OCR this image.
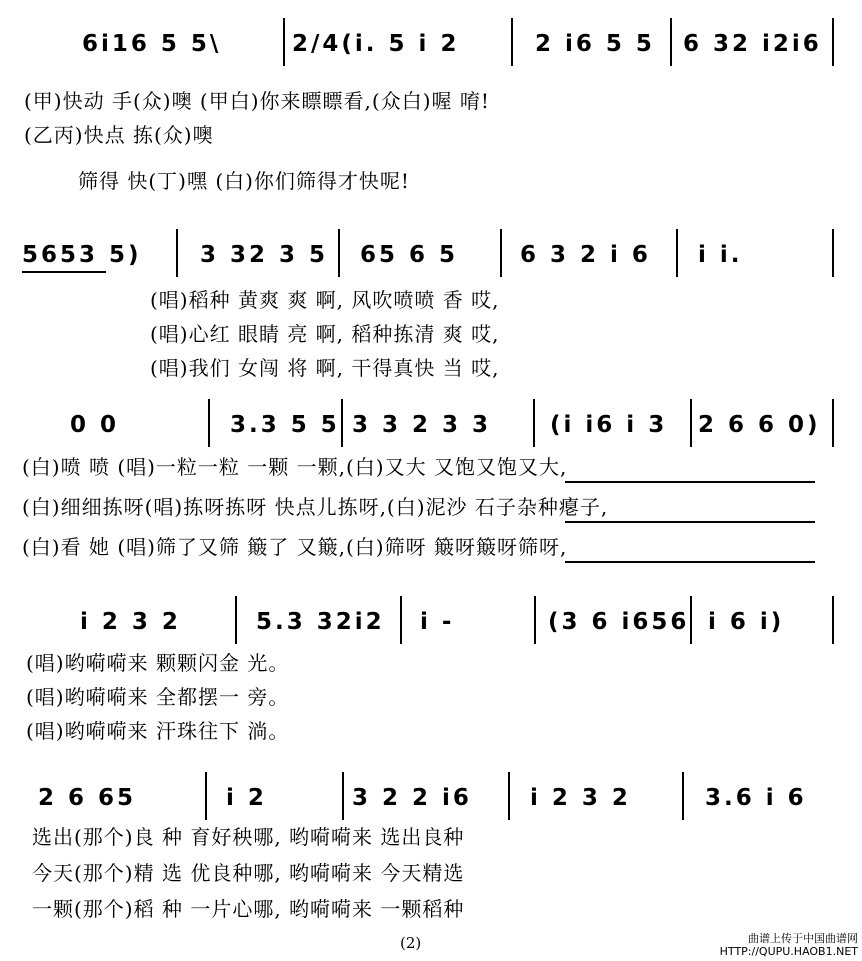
6i16 5 5\	2/4(i. 5 i 2	2 i6 5 5 6 32 i2i6
(甲)快动 手(众)噢 (甲白)你来瞟瞟看,(众白)喔 唷!
(乙丙)快点 拣(众)噢
筛得 快(丁)嘿 (白)你们筛得才快呢!
5653 5)	3 32 3 5 65 6 5	6 3 2 i 6 i i.
(唱)稻种 黄爽 爽 啊, 风吹喷喷 香 哎,
(唱)心红 眼睛 亮 啊, 稻种拣清 爽 哎,
(唱)我们 女闯 将 啊, 干得真快 当 哎,
0 0	3.3 5 5 3 3 2 3 3	(i i6 i 3 2 6 6 0)
(白)喷 喷 (唱)一粒一粒 一颗 一颗,(白)又大 又饱又饱又大,
(白)细细拣呀(唱)拣呀拣呀 快点儿拣呀,(白)泥沙 石子杂种瘪子,
(白)看 她 (唱)筛了又筛 簸了 又簸,(白)筛呀 簸呀簸呀筛呀,
i 2 3 2	5.3 32i2 i -	(3 6 i656 i 6 i)
(唱)哟嗬嗬来 颗颗闪金 光。
(唱)哟嗬嗬来 全都摆一 旁。
(唱)哟嗬嗬来 汗珠往下 淌。
2 6 65	i 2	3 2 2 i6	i 2 3 2	3.6 i 6
选出(那个)良 种 育好秧哪, 哟嗬嗬来 选出良种
今天(那个)精 选 优良种哪, 哟嗬嗬来 今天精选
一颗(那个)稻 种 一片心哪, 哟嗬嗬来 一颗稻种
(2)	曲谱上传于中国曲谱网
HTTP://QUPU.HAOB1.NET
